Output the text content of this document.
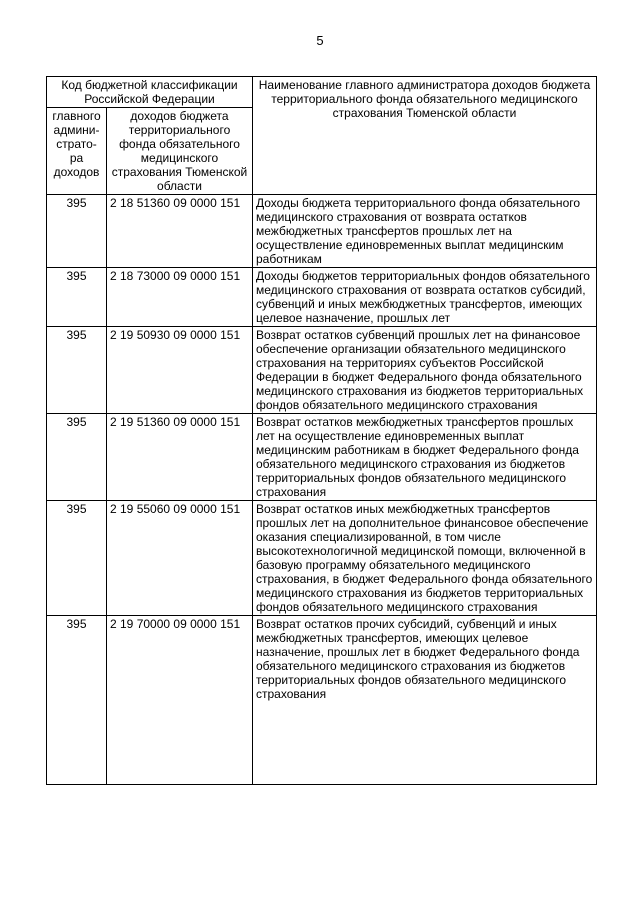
5
Код бюджетной классификации Российской Федерации		Наименование главного администратора доходов бюджета территориального фонда обязательного медицинского страхования Тюменской области
главного админи-страто-ра доходов	доходов бюджета территориального фонда обязательного медицинского страхования Тюменской области	
395	2 18 51360 09 0000 151	Доходы бюджета территориального фонда обязательного медицинского страхования от возврата остатков межбюджетных трансфертов прошлых лет на осуществление единовременных выплат медицинским работникам
395	2 18 73000 09 0000 151	Доходы бюджетов территориальных фондов обязательного медицинского страхования от возврата остатков субсидий, субвенций и иных межбюджетных трансфертов, имеющих целевое назначение, прошлых лет
395	2 19 50930 09 0000 151	Возврат остатков субвенций прошлых лет на финансовое обеспечение организации обязательного медицинского страхования на территориях субъектов Российской Федерации в бюджет Федерального фонда обязательного медицинского страхования из бюджетов территориальных фондов обязательного медицинского страхования
395	2 19 51360 09 0000 151	Возврат остатков межбюджетных трансфертов прошлых лет на осуществление единовременных выплат медицинским работникам в бюджет Федерального фонда обязательного медицинского страхования из бюджетов территориальных фондов обязательного медицинского страхования
395	2 19 55060 09 0000 151	Возврат остатков иных межбюджетных трансфертов прошлых лет на дополнительное финансовое обеспечение оказания специализированной, в том числе высокотехнологичной медицинской помощи, включенной в базовую программу обязательного медицинского страхования, в бюджет Федерального фонда обязательного медицинского страхования из бюджетов территориальных фондов обязательного медицинского страхования
395	2 19 70000 09 0000 151	Возврат остатков прочих субсидий, субвенций и иных межбюджетных трансфертов, имеющих целевое назначение, прошлых лет в бюджет Федерального фонда обязательного медицинского страхования из бюджетов территориальных фондов обязательного медицинского страхования
